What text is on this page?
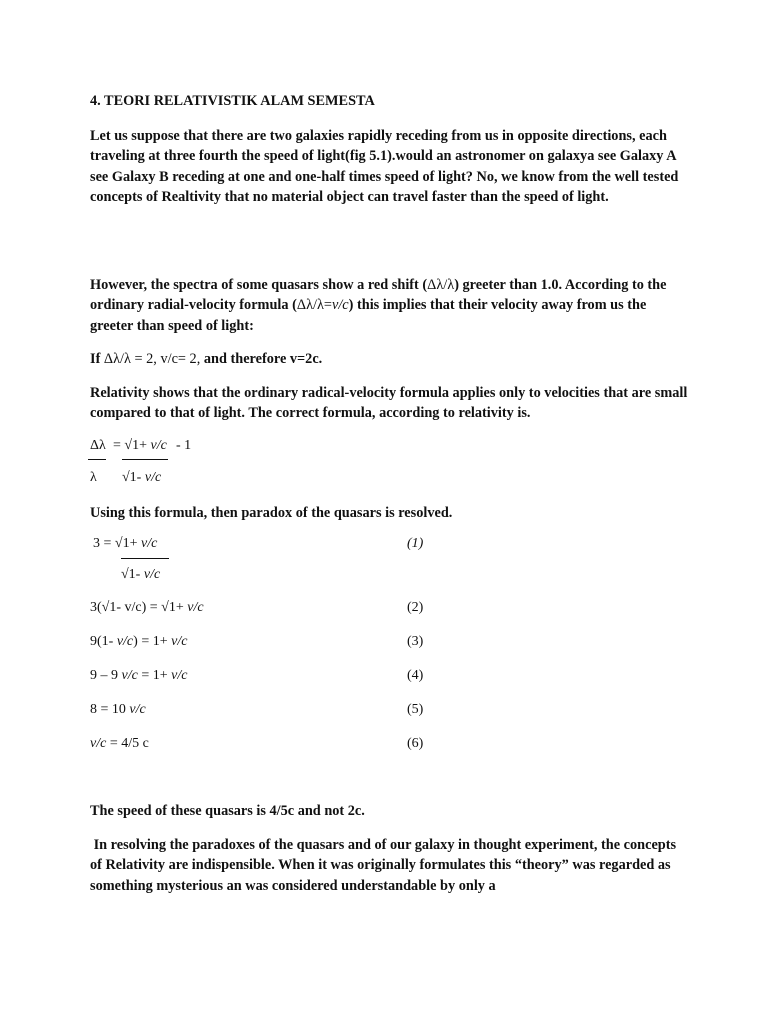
4. TEORI RELATIVISTIK ALAM SEMESTA

Let us suppose that there are two galaxies rapidly receding from us in opposite directions, each traveling at three fourth the speed of light(fig 5.1).would an astronomer on galaxya see Galaxy A see Galaxy B receding at one and one-half times speed of light? No, we know from the well tested concepts of Realtivity that no material object can travel faster than the speed of light.

However, the spectra of some quasars show a red shift (Δλ/λ) greeter than 1.0. According to the ordinary radial-velocity formula (Δλ/λ=v/c) this implies that their velocity away from us the greeter than speed of light:

If Δλ/λ = 2, v/c= 2, and therefore v=2c.

Relativity shows that the ordinary radical-velocity formula applies only to velocities that are small compared to that of light. The correct formula, according to relativity is.

Δλ
λ
= √1+ v/c - 1
√1- v/c

Using this formula, then paradox of the quasars is resolved.

3 = √1+ v/c
√1- v/c
(1)
3(√1- v/c) = √1+ v/c	(2)
9(1- v/c) = 1+ v/c	(3)
9 – 9 v/c = 1+ v/c	(4)
8 = 10 v/c	(5)
v/c = 4/5 c	(6)

The speed of these quasars is 4/5c and not 2c.

In resolving the paradoxes of the quasars and of our galaxy in thought experiment, the concepts of Relativity are indispensible. When it was originally formulates this “theory” was regarded as something mysterious an was considered understandable by only a
